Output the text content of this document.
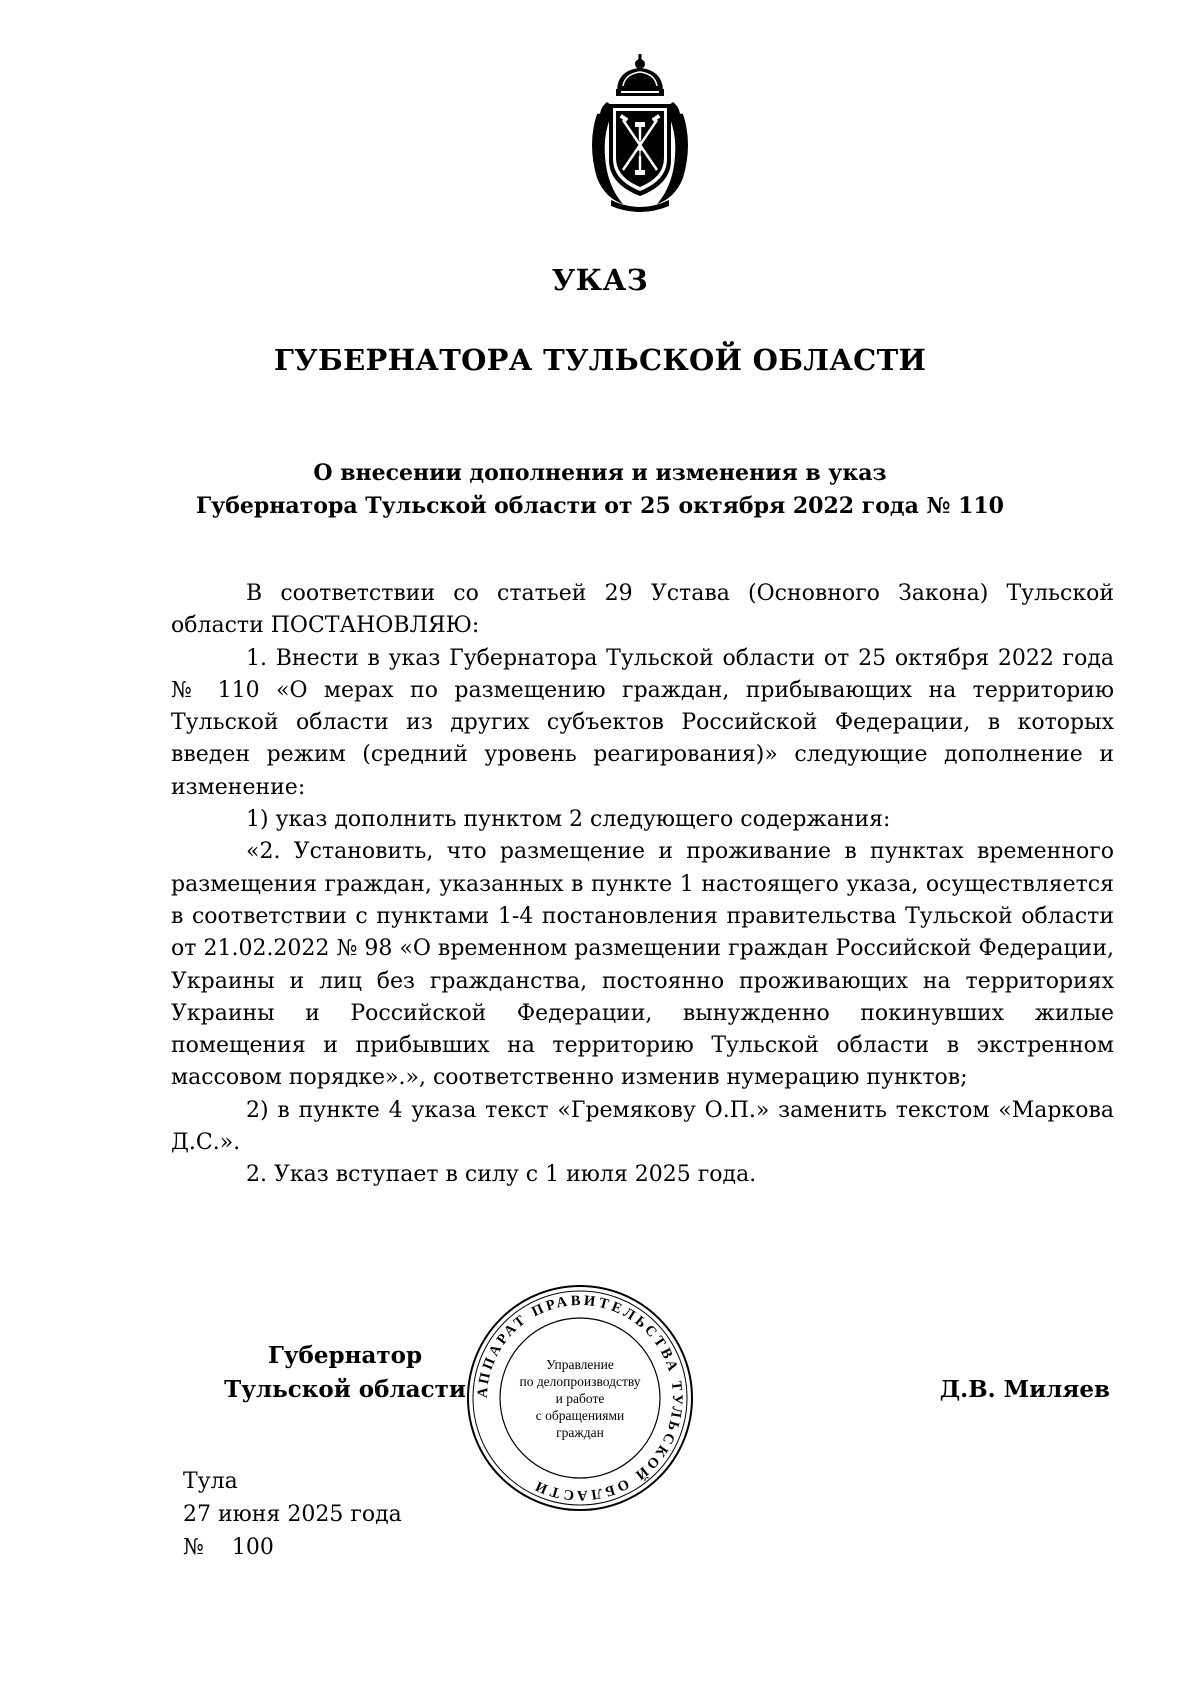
УКАЗ
ГУБЕРНАТОРА ТУЛЬСКОЙ ОБЛАСТИ
О внесении дополнения и изменения в указ
Губернатора Тульской области от 25 октября 2022 года № 110

В соответствии со статьей 29 Устава (Основного Закона) Тульской области ПОСТАНОВЛЯЮ:

1. Внести в указ Губернатора Тульской области от 25 октября 2022 года № 110 «О мерах по размещению граждан, прибывающих на территорию Тульской области из других субъектов Российской Федерации, в которых введен режим (средний уровень реагирования)» следующие дополнение и изменение:

1) указ дополнить пунктом 2 следующего содержания:

«2. Установить, что размещение и проживание в пунктах временного размещения граждан, указанных в пункте 1 настоящего указа, осуществляется в соответствии с пунктами 1-4 постановления правительства Тульской области от 21.02.2022 № 98 «О временном размещении граждан Российской Федерации, Украины и лиц без гражданства, постоянно проживающих на территориях Украины и Российской Федерации, вынужденно покинувших жилые помещения и прибывших на территорию Тульской области в экстренном массовом порядке».», соответственно изменив нумерацию пунктов;

2) в пункте 4 указа текст «Гремякову О.П.» заменить текстом «Маркова Д.С.».

2. Указ вступает в силу с 1 июля 2025 года.

АППАРАТ ПРАВИТЕЛЬСТВА ТУЛЬСКОЙ ОБЛАСТИ
Управление
по делопроизводству
и работе
с обращениями
граждан
Губернатор
Тульской области	Д.В. Миляев
Тула
27 июня 2025 года
№ 100
